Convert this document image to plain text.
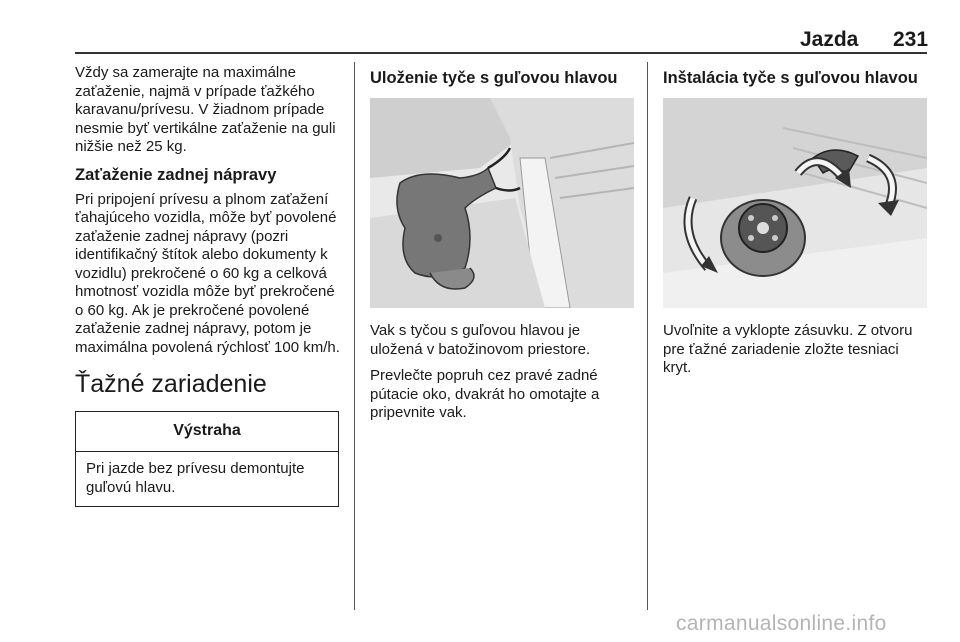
Jazda 231

Vždy sa zamerajte na maximálne zaťaženie, najmä v prípade ťažkého karavanu/prívesu. V žiadnom prípade nesmie byť vertikálne zaťaženie na guli nižšie než 25 kg.

Zaťaženie zadnej nápravy

Pri pripojení prívesu a plnom zaťažení ťahajúceho vozidla, môže byť povolené zaťaženie zadnej nápravy (pozri identifikačný štítok alebo dokumenty k vozidlu) prekročené o 60 kg a celková hmotnosť vozidla môže byť prekročené o 60 kg. Ak je prekročené povolené zaťaženie zadnej nápravy, potom je maximálna povolená rýchlosť 100 km/h.

Ťažné zariadenie
Výstraha
Pri jazde bez prívesu demontujte guľovú hlavu.
Uloženie tyče s guľovou hlavou

Vak s tyčou s guľovou hlavou je uložená v batožinovom priestore.

Prevlečte popruh cez pravé zadné pútacie oko, dvakrát ho omotajte a pripevnite vak.

Inštalácia tyče s guľovou hlavou

Uvoľnite a vyklopte zásuvku. Z otvoru pre ťažné zariadenie zložte tesniaci kryt.

carmanualsonline.info
